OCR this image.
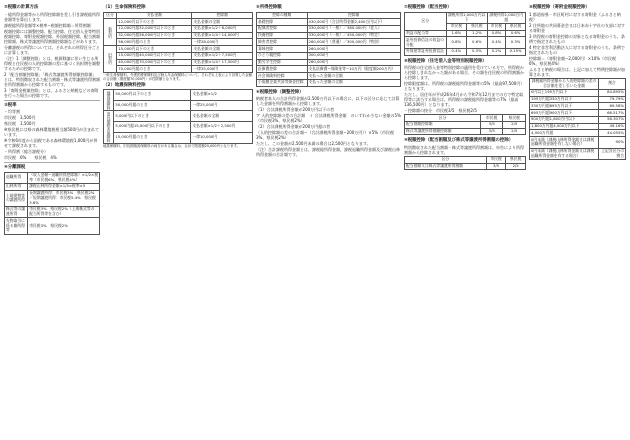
②税額の計算方法

・総所得金額等から所得控除額を差し引き課税総所得金額等を算出します。

課税総所得金額等×税率−税額控除額＝所得割額

税額控除には調整控除、配当控除、住宅借入金等特別税額控除、寄附金税額控除、外国税額控除、配当割額控除額、株式等譲渡所得割額控除額などがあります。

分離課税の所得については、それぞれの所得区分ごとに計算します。

（注）1「調整控除」とは、税源移譲に伴い生じる所得税と住民税の人的控除額の差に基づく負担増を調整するための控除です。

2「配当割額控除額」「株式等譲渡所得割額控除額」とは、特別徴収された配当割額・株式等譲渡所得割額を所得割額から控除するものです。

3「寄附金税額控除」とは、ふるさと納税などの寄附を行った場合の控除です。

③税率

・均等割

市民税　3,500円

県民税　1,500円

※県民税には県の森林環境税相当額500円が含まれています。

※令和6年度から国税である森林環境税1,000円が併せて課税されます。

・所得割（総合課税分）

市民税　6%　　県民税　4%

④分離課税
退職所得	（収入金額−退職所得控除額）×1/2×税率（市民税6%、県民税4%）
山林所得	課税山林所得金額×1/5×税率×5
土地建物等の譲渡所得	長期譲渡所得：市民税3%　県民税2%／短期譲渡所得：市民税5.4%　県民税3.6%
株式等の譲渡所得	市民税3%　県民税2%（上場株式等の配当所得等を含む）
先物取引に係る雑所得等	市民税3%　県民税2%
（1）生命保険料控除
区分	支払金額	控除額
新契約	12,000円以下のとき	支払金額の全額
	12,000円超32,000円以下のとき	支払金額×1/2＋6,000円
	32,000円超56,000円以下のとき	支払金額×1/4＋14,000円
	56,000円超のとき	一律28,000円
旧契約	15,000円以下のとき	支払金額の全額
	15,000円超40,000円以下のとき	支払金額×1/2＋7,500円
	40,000円超70,000円以下のとき	支払金額×1/4＋17,500円
	70,000円超のとき	一律35,000円

一般生命保険料、介護医療保険料及び個人年金保険料について、それぞれ上表により計算した金額の合計額（限度額70,000円）が控除額となります。

（2）地震保険料控除
地震保険料	50,000円以下のとき	支払金額×1/2
	50,000円超のとき	一律25,000円
旧長期損害保険料	5,000円以下のとき	支払金額の全額
	5,000円超15,000円以下のとき	支払金額×1/2＋2,500円
	15,000円超のとき	一律10,000円

地震保険料、旧長期損害保険料の両方がある場合は、合計で限度額25,000円となります。

⑤所得控除額
控除の種類	控除額
基礎控除	430,000円（合計所得金額2,400万円以下）
配偶者控除	330,000円（一般）／380,000円（老人）
扶養控除	330,000円（一般）／450,000円（特定）
障害者控除	260,000円（普通）／300,000円（特別）
寡婦控除	260,000円
ひとり親控除	300,000円
勤労学生控除	260,000円
医療費控除	支払医療費−保険金等−10万円（限度額200万円）
社会保険料控除	支払った金額の全額
小規模企業共済等掛金控除	支払った金額の全額
⑥税額控除（調整控除）

納税者本人の合計所得金額が2,500万円以下の場合に、以下の区分に応じて計算した金額を所得割額から控除します。

（1）合計課税所得金額が200万円以下の者

ア 人的控除額の差の合計額　イ 合計課税所得金額　のいずれか少ない金額の5%（市民税3%、県民税2%）

（2）合計課税所得金額が200万円超の者

（人的控除額の差の合計額−（合計課税所得金額−200万円））×5%（市民税3%、県民税2%）

ただし、この金額が2,500円未満の場合は2,500円となります。

（注）合計課税所得金額とは、課税総所得金額、課税退職所得金額及び課税山林所得金額の合計額です。

⑦税額控除（配当控除）
区分	課税所得1,000万円以下		課税所得1,000万円超	
	市民税	県民税	市民税	県民税
利益の配当等	1.6%	1.2%	0.8%	0.6%
証券投資信託の収益の分配	0.8%	0.6%	0.4%	0.3%
外貨建等証券投資信託	0.4%	0.3%	0.2%	0.15%
⑧税額控除（住宅借入金等特別税額控除）

所得税の住宅借入金等特別控除の適用を受けている方で、所得税から控除しきれなかった額がある場合、その額を住民税の所得割額から控除します。

控除限度額は、所得税の課税総所得金額等の5%（最高97,500円）となります。

ただし、居住年が平成26年4月から令和7年12月までの方で特定取得等に該当する場合は、所得税の課税総所得金額等の7%（最高136,500円）となります。

・控除額の按分　市民税3/5　県民税2/5

区分	市民税	県民税
配当割額控除額	3/5	2/5
株式等譲渡所得割額控除額	3/5	2/5
⑨税額控除（配当割額及び株式等譲渡所得割額の控除）

特別徴収された配当割額・株式等譲渡所得割額は、申告により所得割額から控除されます。

区分	市民税	県民税
配当割額又は株式等譲渡所得割額	3/5	2/5
⑩税額控除（寄附金税額控除）

1 都道府県・市区町村に対する寄附金（ふるさと納税）

2 住所地の共同募金会又は日本赤十字社の支部に対する寄附金

3 所得税の寄附金控除の対象となる寄附金のうち、条例で指定されたもの

4 特定非営利活動法人に対する寄附金のうち、条例で指定されたもの

控除額＝（寄附金額−2,000円）×10%（市民税6%、県民税4%）

ふるさと納税の場合は、上記に加えて特例控除額が加算されます。

課税総所得金額から人的控除額の差の合計額を差し引いた金額	割合
0円以上195万円以下	84.895%
195万円超330万円以下	79.79%
330万円超695万円以下	69.58%
695万円超900万円以下	66.517%
900万円超1,800万円以下	56.307%
1,800万円超4,000万円以下	49.16%
4,000万円超	44.055%
0円未満（課税山林所得金額又は課税退職所得金額を有しない場合）	90%
0円未満（課税山林所得金額又は課税退職所得金額を有する場合）	上記各区分の割合
